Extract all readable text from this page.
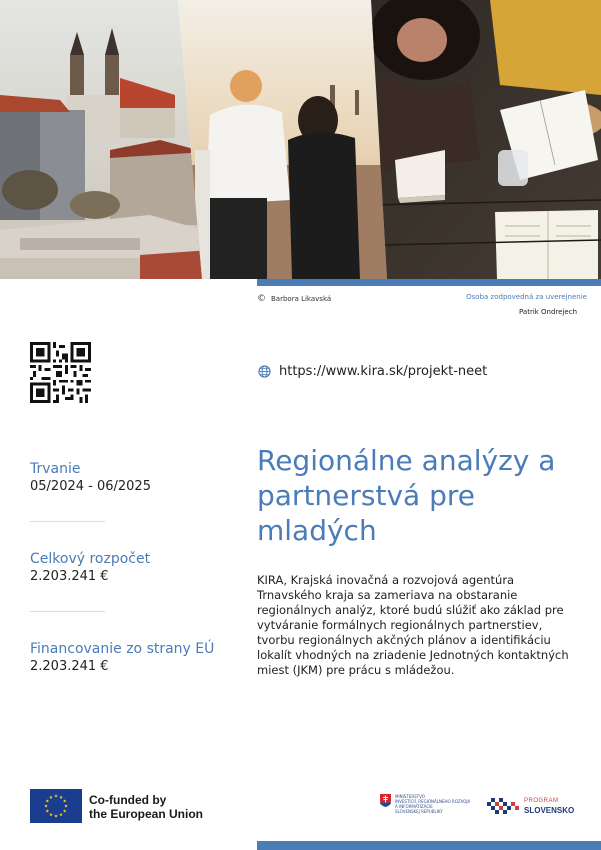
© Barbora Likavská	Osoba zodpovedná za uverejnenie
Patrik Ondrejech
https://www.kira.sk/projekt-neet
Trvanie
05/2024 - 06/2025
Celkový rozpočet
2.203.241 €
Financovanie zo strany EÚ
2.203.241 €
Regionálne analýzy a partnerstvá pre mladých

KIRA, Krajská inovačná a rozvojová agentúra Trnavského kraja sa zameriava na obstaranie regionálnych analýz, ktoré budú slúžiť ako základ pre vytváranie formálnych regionálnych partnerstiev, tvorbu regionálnych akčných plánov a identifikáciu lokalít vhodných na zriadenie Jednotných kontaktných miest (JKM) pre prácu s mládežou.

Co-funded by
the European Union
MINISTERSTVO
INVESTÍCIÍ, REGIONÁLNEHO ROZVOJA
A INFORMATIZÁCIE
SLOVENSKEJ REPUBLIKY
PROGRAM
SLOVENSKO
